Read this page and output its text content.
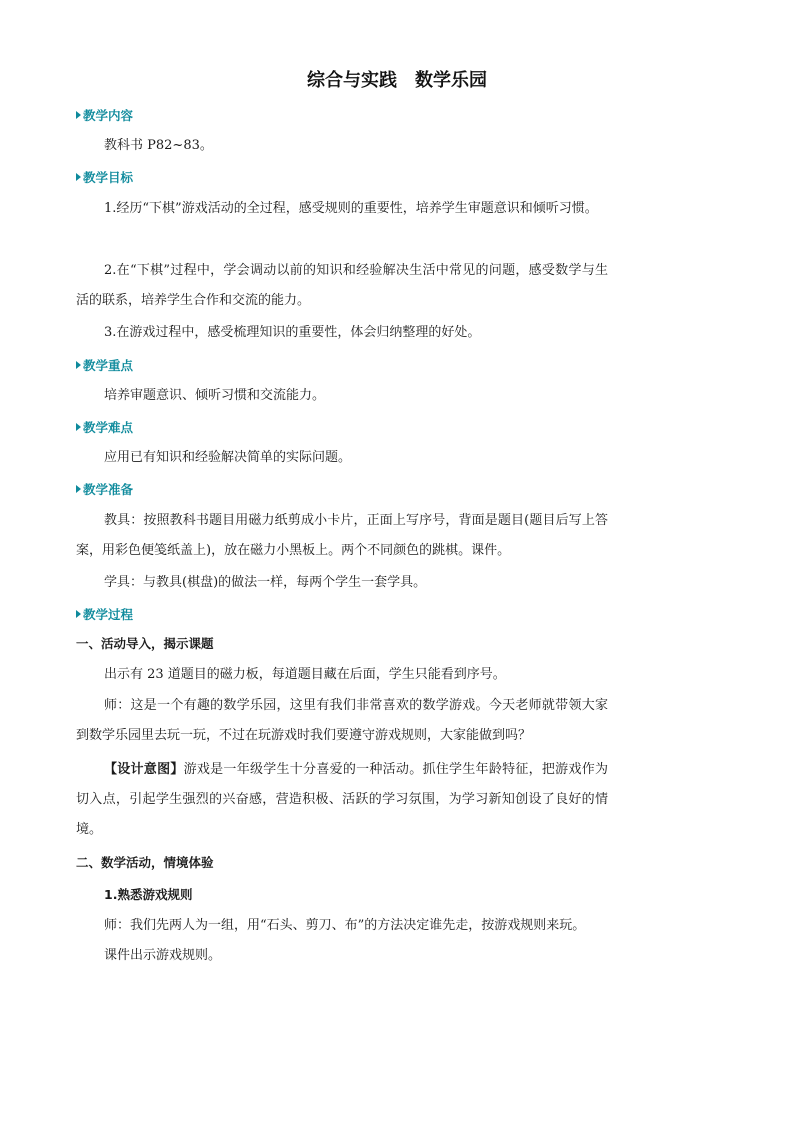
综合与实践　数学乐园
教学内容
教科书 P82~83。
教学目标
1.经历“下棋”游戏活动的全过程，感受规则的重要性，培养学生审题意识和倾听习惯。
2.在“下棋”过程中，学会调动以前的知识和经验解决生活中常见的问题，感受数学与生活的联系，培养学生合作和交流的能力。
3.在游戏过程中，感受梳理知识的重要性，体会归纳整理的好处。
教学重点
培养审题意识、倾听习惯和交流能力。
教学难点
应用已有知识和经验解决简单的实际问题。
教学准备
教具：按照教科书题目用磁力纸剪成小卡片，正面上写序号，背面是题目(题目后写上答案，用彩色便笺纸盖上)，放在磁力小黑板上。两个不同颜色的跳棋。课件。
学具：与教具(棋盘)的做法一样，每两个学生一套学具。
教学过程
一、活动导入，揭示课题
出示有 23 道题目的磁力板，每道题目藏在后面，学生只能看到序号。
师：这是一个有趣的数学乐园，这里有我们非常喜欢的数学游戏。今天老师就带领大家到数学乐园里去玩一玩，不过在玩游戏时我们要遵守游戏规则，大家能做到吗？
【设计意图】游戏是一年级学生十分喜爱的一种活动。抓住学生年龄特征，把游戏作为切入点，引起学生强烈的兴奋感，营造积极、活跃的学习氛围，为学习新知创设了良好的情境。
二、数学活动，情境体验
1.熟悉游戏规则
师：我们先两人为一组，用“石头、剪刀、布”的方法决定谁先走，按游戏规则来玩。
课件出示游戏规则。
